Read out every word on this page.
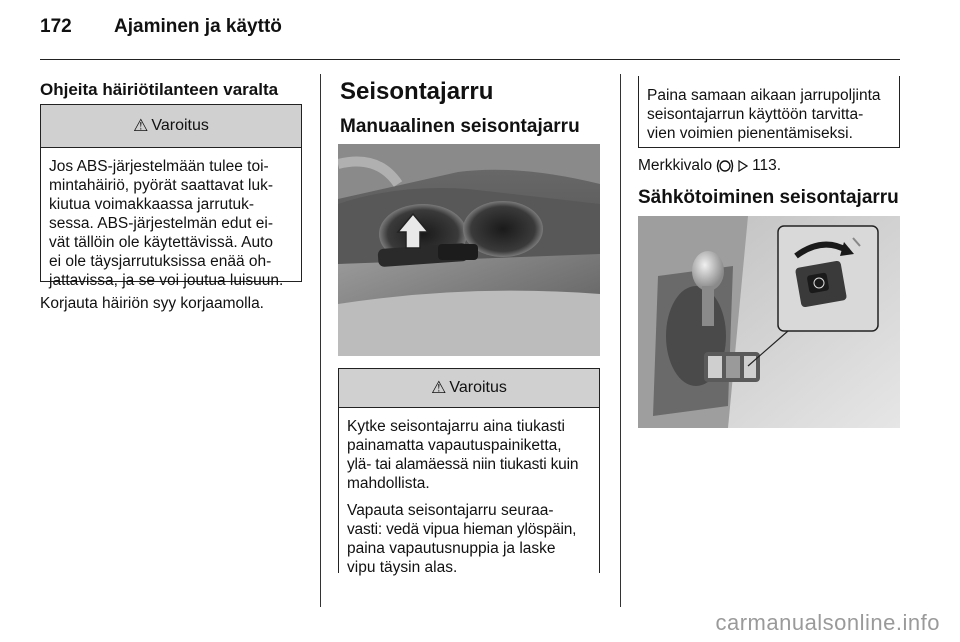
172 Ajaminen ja käyttö
Ohjeita häiriötilanteen varalta
⚠ Varoitus
Jos ABS-järjestelmään tulee toi-
mintahäiriö, pyörät saattavat luk-
kiutua voimakkaassa jarrutuk-
sessa. ABS-järjestelmän edut ei-
vät tällöin ole käytettävissä. Auto
ei ole täysjarrutuksissa enää oh-
jattavissa, ja se voi joutua luisuun.
Korjauta häiriön syy korjaamolla.
Seisontajarru
Manuaalinen seisontajarru
⚠ Varoitus

Kytke seisontajarru aina tiukasti
painamatta vapautuspainiketta,
ylä- tai alamäessä niin tiukasti kuin
mahdollista.

Vapauta seisontajarru seuraa-
vasti: vedä vipua hieman ylöspäin,
paina vapautusnuppia ja laske
vipu täysin alas.

Paina samaan aikaan jarrupoljinta
seisontajarrun käyttöön tarvitta-
vien voimien pienentämiseksi.
Merkkivalo	113.
Sähkötoiminen seisontajarru
carmanualsonline.info
